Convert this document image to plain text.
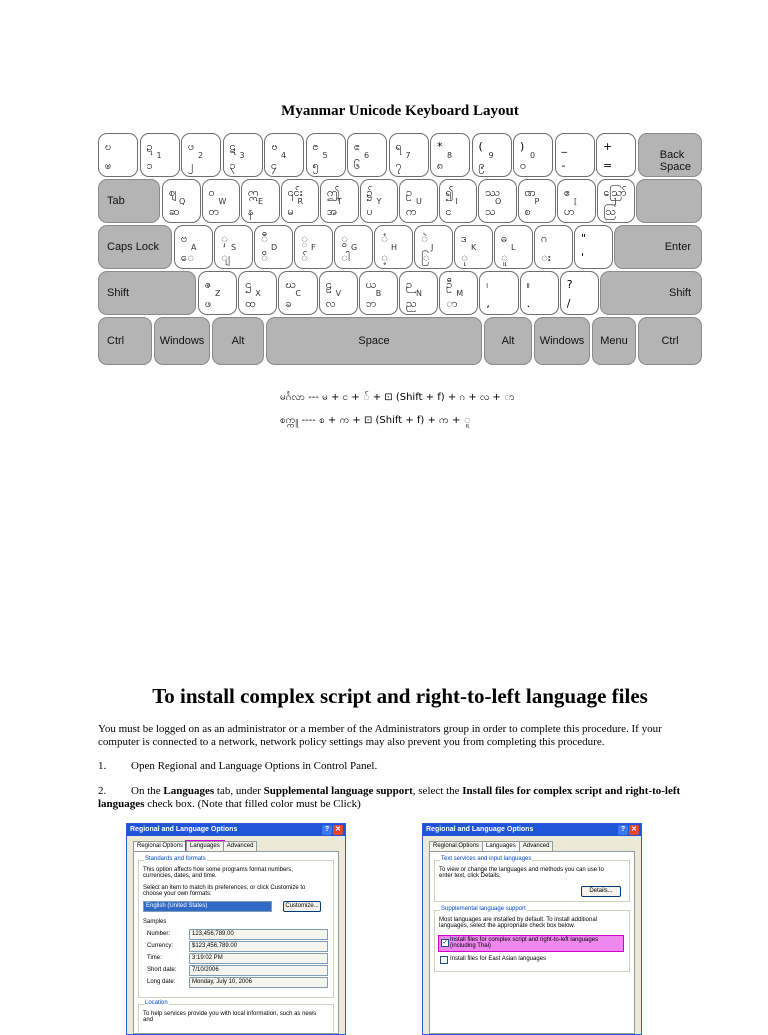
Myanmar Unicode Keyboard Layout
ဎ
ၑ
ဍ
၁
1
ၒ
၂
2
ဋ
၃
3
ၓ
၄
4
ၔ
၅
5
ၕ
၆
6
ရ
၇
7
*
၈
8
(
၉
9
)
၀
0
_
-
+
=
Back
Space
Tab
ဈ
ဆ
Q
ဝ
တ
W
ဣ
န
E
၎င်း
မ
R
ဤ
အ
T
၌
ပ
Y
ဥ
က
U
၍
င
I
ဿ
သ
O
ဏ
စ
P
ဧ
ဟ
[
ဪ
ဩ
]
Caps Lock
ဗ
ေ
A
ှ
ျ
S
ီ
ိ
D
္
်
F
ွ
ါ
G
ံ
့
H
ဲ
ြ
J
ဒ
ု
K
ဓ
ူ
L
ဂ
း
"
'
Enter
Shift
ဇ
ဖ
Z
ဌ
ထ
X
ဃ
ခ
C
ဠ
လ
V
ယ
ဘ
B
ဉ
ည
N
ဦ
ာ
M
၊
,
။
.
?
/
Shift
Ctrl	Windows	Alt	Space	Alt	Windows	Menu	Ctrl
မင်္ဂလာ --- မ + င + ် + ⊡ (Shift + f) + ဂ + လ + ာ
စက္ကူ ---- စ + က + ⊡ (Shift + f) + က + ူ
To install complex script and right-to-left language files
You must be logged on as an administrator or a member of the Administrators group in order to complete this procedure. If your computer is connected to a network, network policy settings may also prevent you from completing this procedure.
1. Open Regional and Language Options in Control Panel.
2. On the Languages tab, under Supplemental language support, select the Install files for complex script and right-to-left languages check box. (Note that filled color must be Click)
Regional and Language Options	? ✕
Regional Options Languages Advanced
Standards and formats
This option affects how some programs format numbers, currencies, dates, and time.
Select an item to match its preferences, or click Customize to choose your own formats:
English (United States)	Customize...
Samples
Number:	123,456,789.00
Currency:	$123,456,789.00
Time:	3:19:02 PM
Short date:	7/10/2006
Long date:	Monday, July 10, 2006
Location
To help services provide you with local information, such as news and
Regional and Language Options	? ✕
Regional Options Languages Advanced
Text services and input languages
To view or change the languages and methods you can use to enter text, click Details.
Details...
Supplemental language support
Most languages are installed by default. To install additional languages, select the appropriate check box below.
✓ Install files for complex script and right-to-left languages (including Thai)
Install files for East Asian languages
